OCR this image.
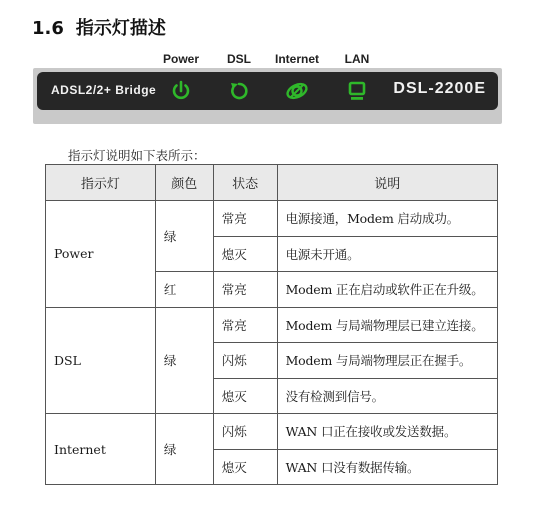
1.6 指示灯描述
Power DSL Internet LAN
ADSL2/2+ Bridge	DSL-2200E
指示灯说明如下表所示：
指示灯	颜色	状态	说明
Power	绿	常亮	电源接通，Modem 启动成功。
		熄灭	电源未开通。
	红	常亮	Modem 正在启动或软件正在升级。
DSL	绿	常亮	Modem 与局端物理层已建立连接。
		闪烁	Modem 与局端物理层正在握手。
		熄灭	没有检测到信号。
Internet	绿	闪烁	WAN 口正在接收或发送数据。
		熄灭	WAN 口没有数据传输。
